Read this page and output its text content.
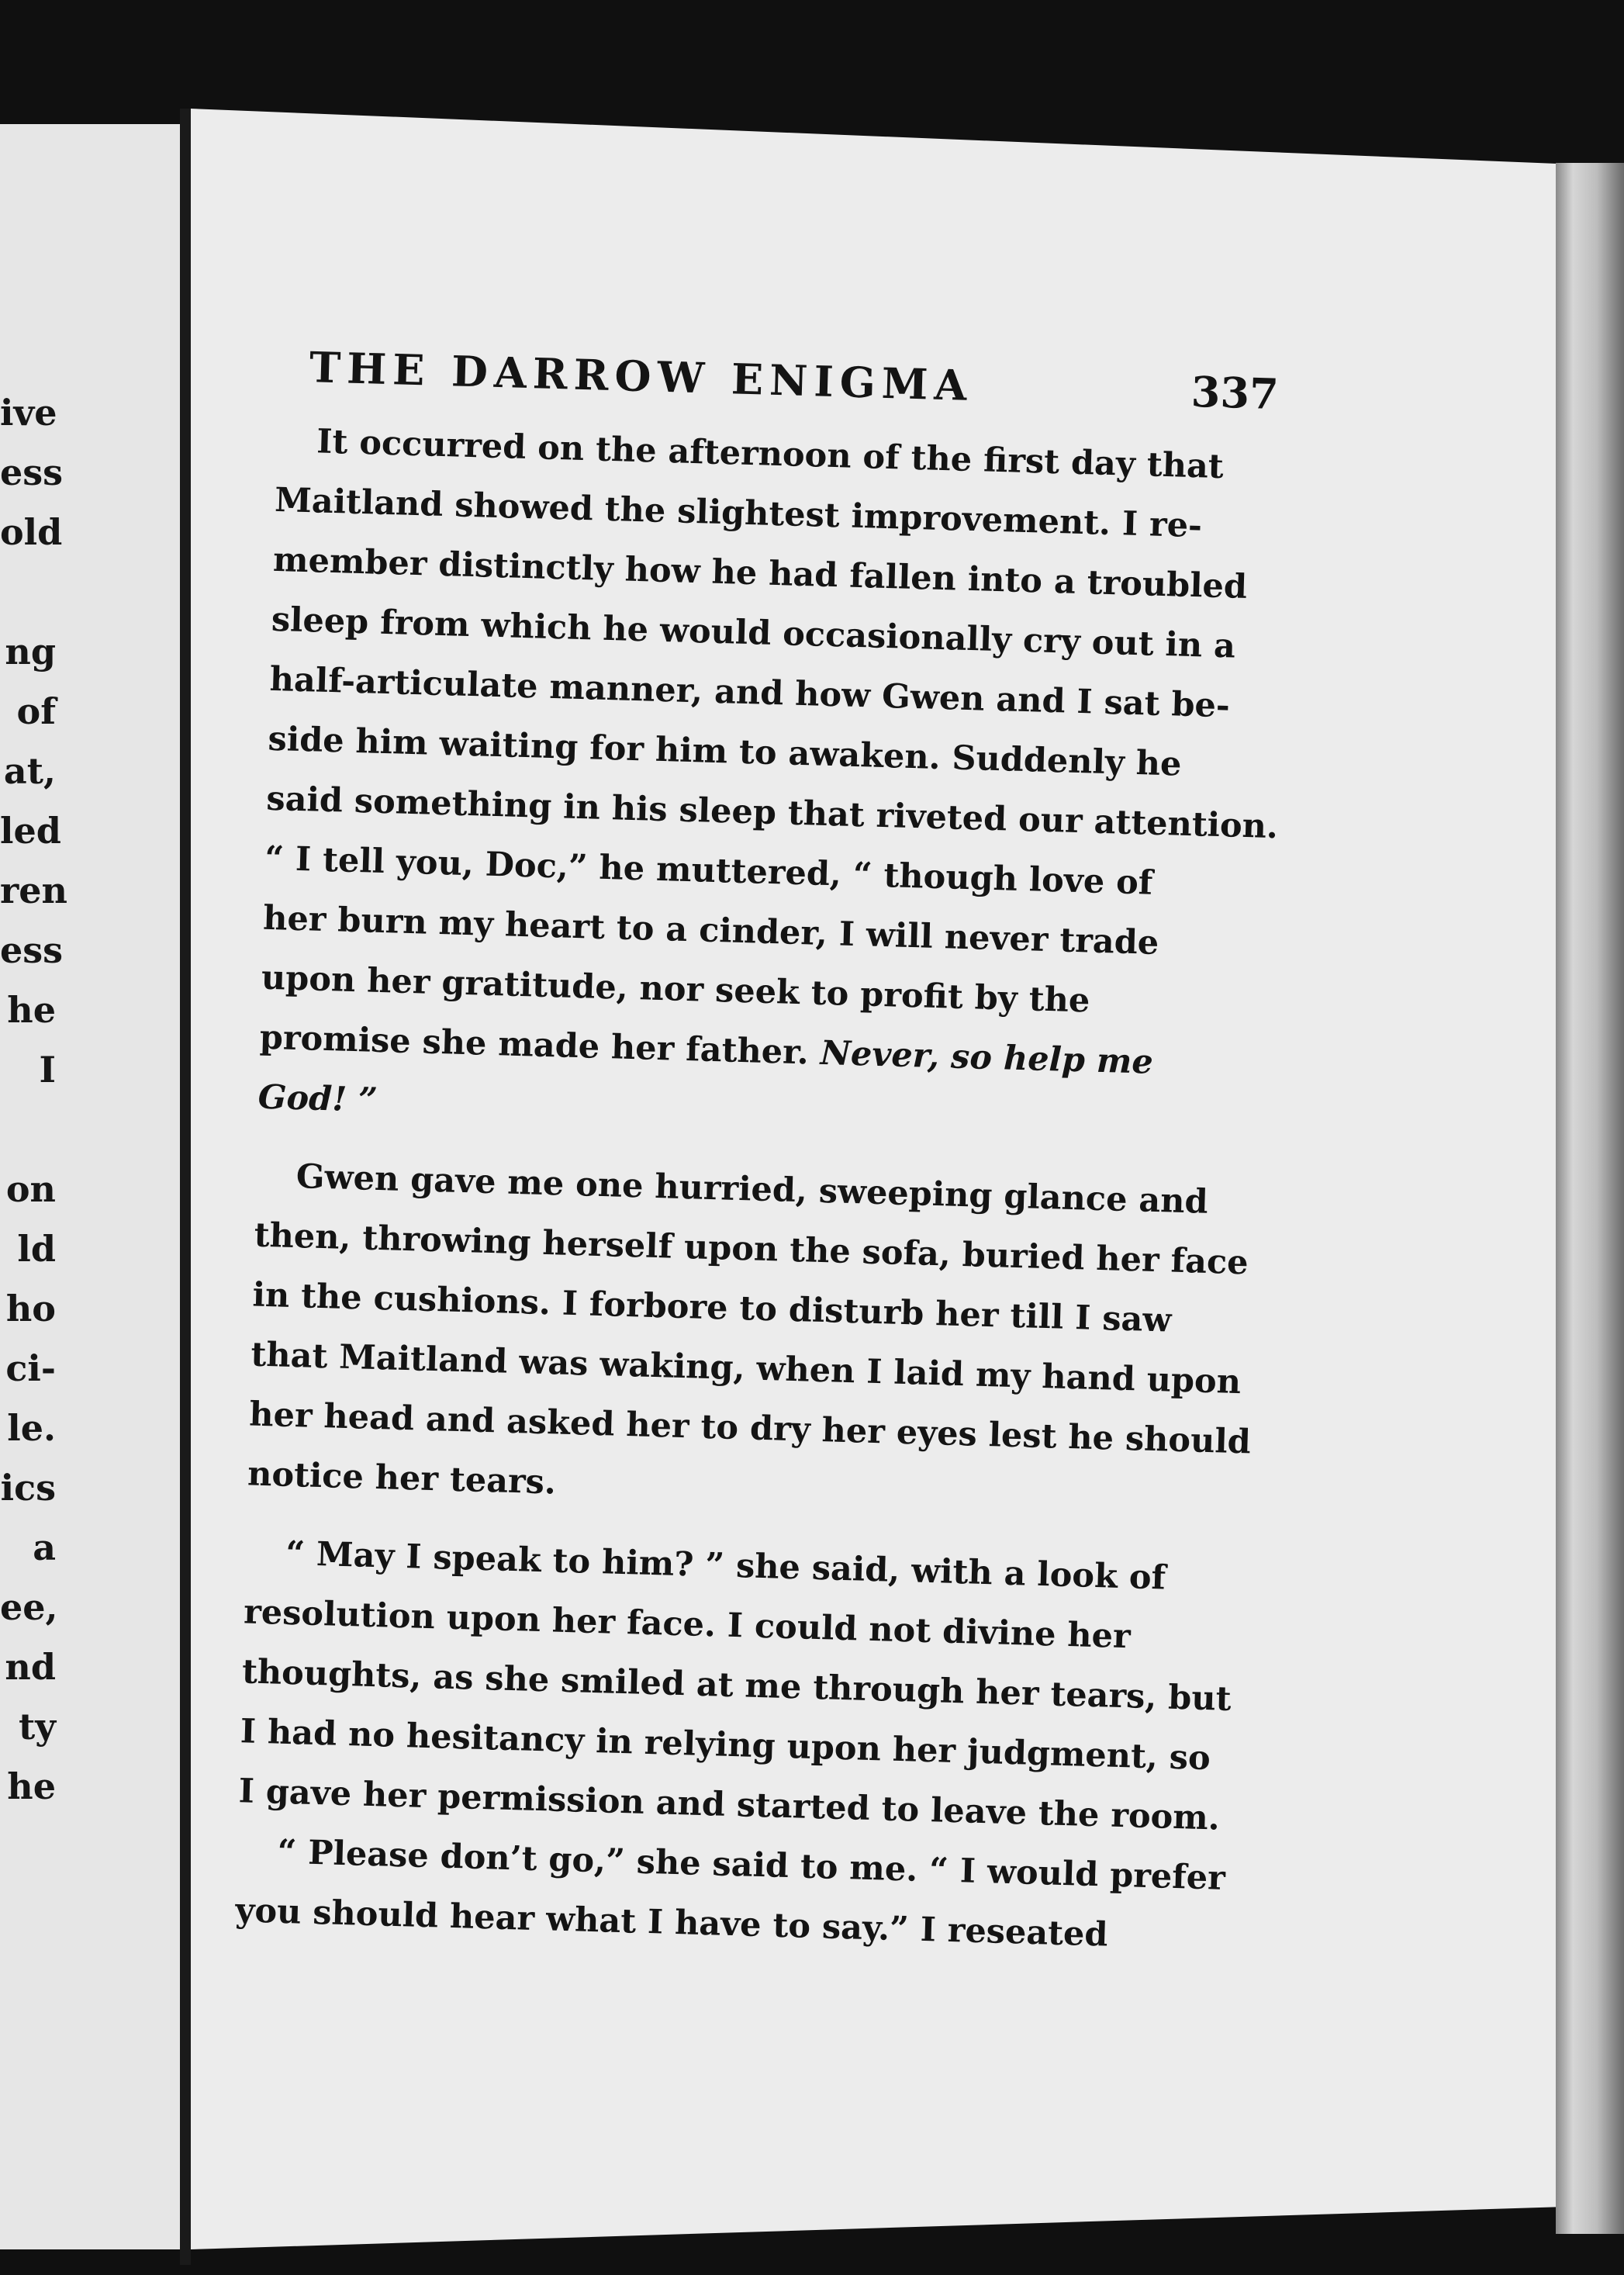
ive

ess

old

ng

of

at,

led

ren

ess

he

I

on

ld

ho

ci-

le.

ics

a

ee,

nd

ty

he

THE DARROW ENIGMA	337

It occurred on the afternoon of the first day that
Maitland showed the slightest improvement. I re-
member distinctly how he had fallen into a troubled
sleep from which he would occasionally cry out in a
half-articulate manner, and how Gwen and I sat be-
side him waiting for him to awaken. Suddenly he
said something in his sleep that riveted our attention.
“ I tell you, Doc,” he muttered, “ though love of
her burn my heart to a cinder, I will never trade
upon her gratitude, nor seek to profit by the
promise she made her father. Never, so help me
God! ”

Gwen gave me one hurried, sweeping glance and
then, throwing herself upon the sofa, buried her face
in the cushions. I forbore to disturb her till I saw
that Maitland was waking, when I laid my hand upon
her head and asked her to dry her eyes lest he should
notice her tears.

“ May I speak to him? ” she said, with a look of
resolution upon her face. I could not divine her
thoughts, as she smiled at me through her tears, but
I had no hesitancy in relying upon her judgment, so
I gave her permission and started to leave the room.

“ Please don’t go,” she said to me. “ I would prefer
you should hear what I have to say.” I reseated
